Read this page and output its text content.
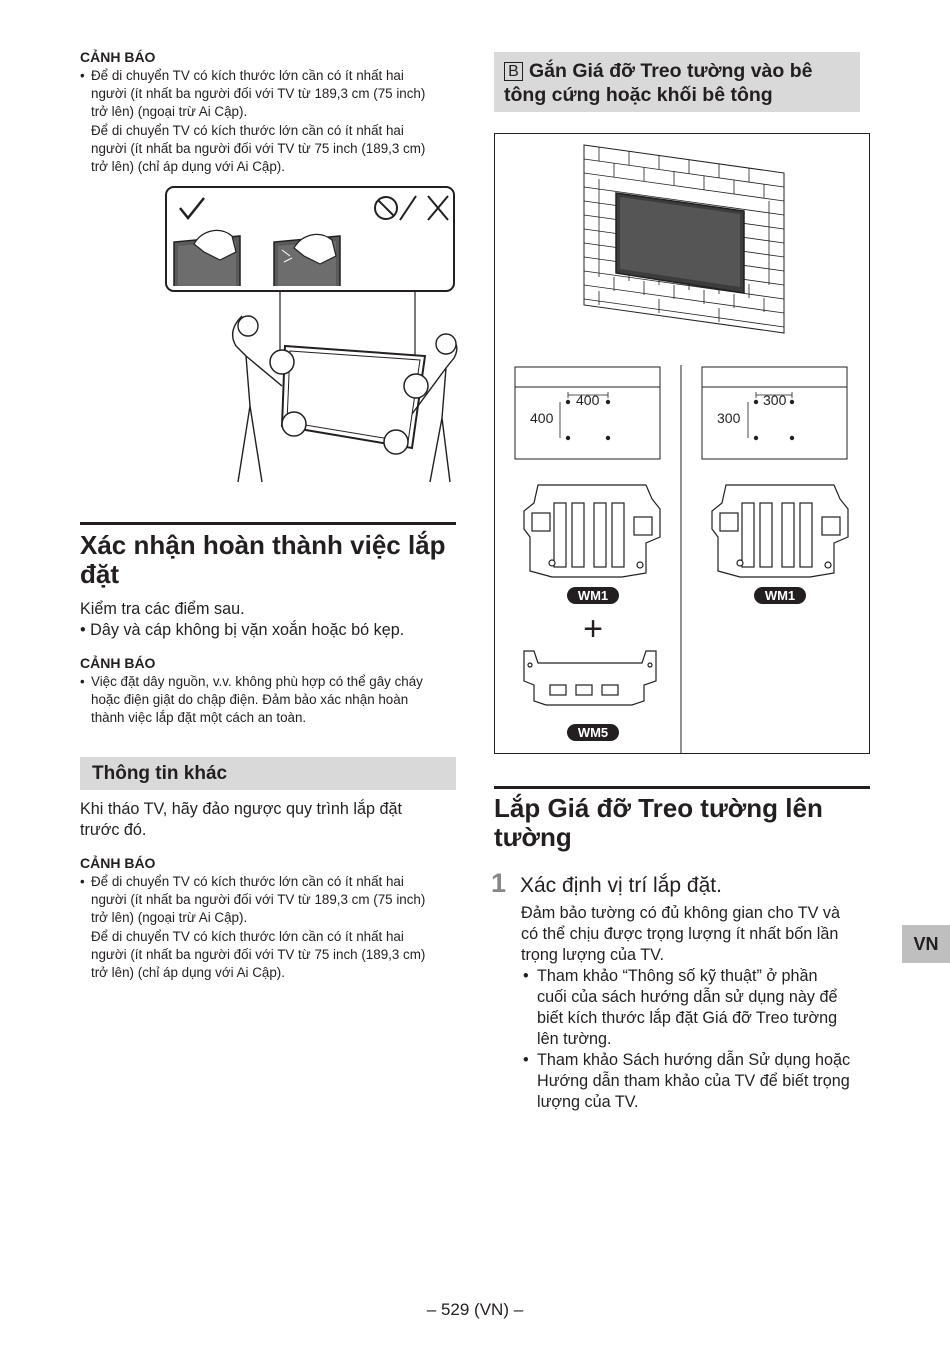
CẢNH BÁO

• Để di chuyển TV có kích thước lớn cần có ít nhất hai
người (ít nhất ba người đối với TV từ 189,3 cm (75 inch)
trở lên) (ngoại trừ Ai Cập).
Để di chuyển TV có kích thước lớn cần có ít nhất hai
người (ít nhất ba người đối với TV từ 75 inch (189,3 cm)
trở lên) (chỉ áp dụng với Ai Cập).

Xác nhận hoàn thành việc lắp
đặt

Kiểm tra các điểm sau.

• Dây và cáp không bị vặn xoắn hoặc bó kẹp.

CẢNH BÁO

• Việc đặt dây nguồn, v.v. không phù hợp có thể gây cháy
hoặc điện giật do chập điện. Đảm bảo xác nhận hoàn
thành việc lắp đặt một cách an toàn.
Thông tin khác

Khi tháo TV, hãy đảo ngược quy trình lắp đặt

trước đó.

CẢNH BÁO

• Để di chuyển TV có kích thước lớn cần có ít nhất hai
người (ít nhất ba người đối với TV từ 189,3 cm (75 inch)
trở lên) (ngoại trừ Ai Cập).
Để di chuyển TV có kích thước lớn cần có ít nhất hai
người (ít nhất ba người đối với TV từ 75 inch (189,3 cm)
trở lên) (chỉ áp dụng với Ai Cập).
B Gắn Giá đỡ Treo tường vào bê
tông cứng hoặc khối bê tông
400
400
300
300
WM1	WM1
WM5
+

Lắp Giá đỡ Treo tường lên
tường

1 Xác định vị trí lắp đặt.

Đảm bảo tường có đủ không gian cho TV và

có thể chịu được trọng lượng ít nhất bốn lần

trọng lượng của TV.

• Tham khảo “Thông số kỹ thuật” ở phần
cuối của sách hướng dẫn sử dụng này để
biết kích thước lắp đặt Giá đỡ Treo tường
lên tường.
• Tham khảo Sách hướng dẫn Sử dụng hoặc
Hướng dẫn tham khảo của TV để biết trọng
lượng của TV.
VN
– 529 (VN) –
